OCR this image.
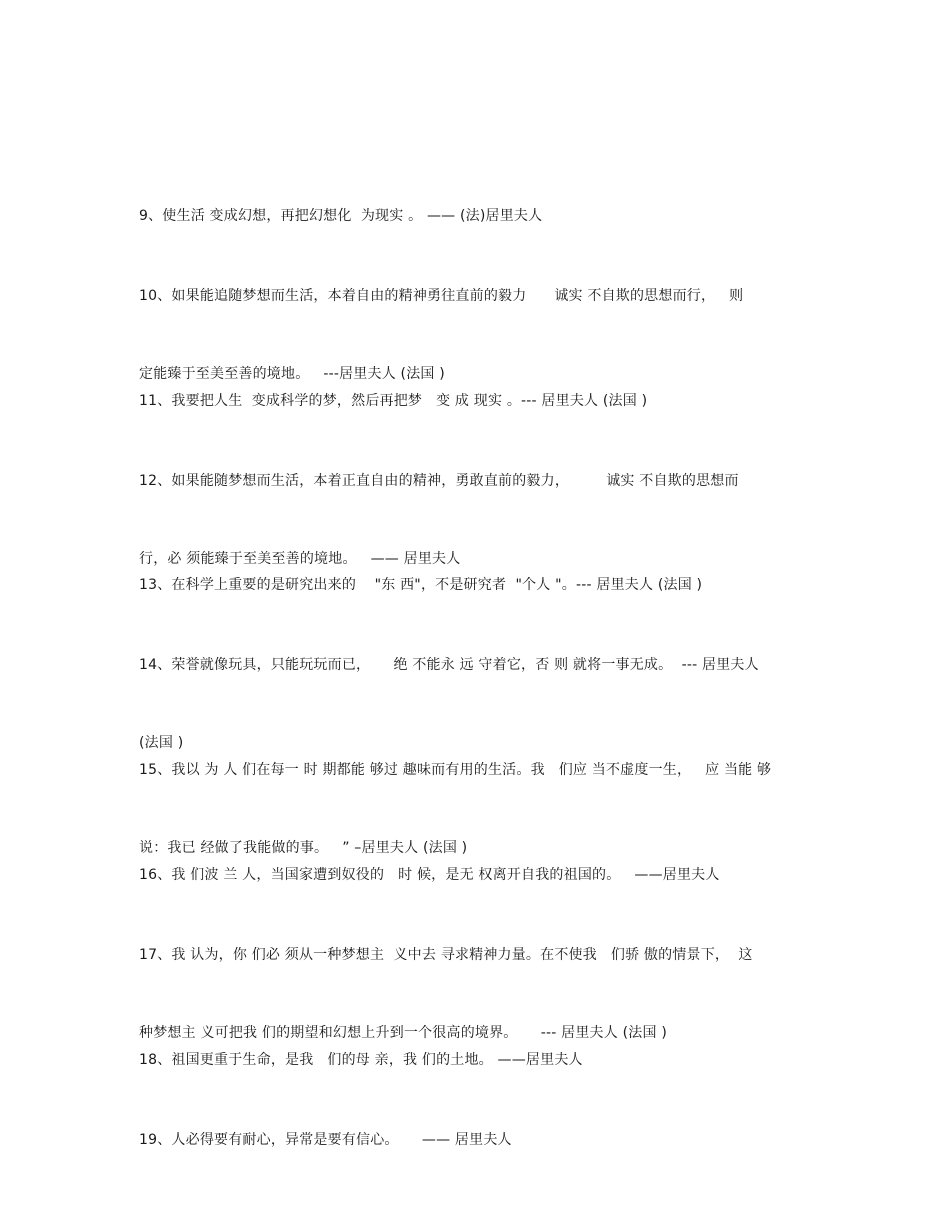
9、使生活 变成幻想，再把幻想化  为现实 。 —— (法)居里夫人

10、如果能追随梦想而生活，本着自由的精神勇往直前的毅力      诚实 不自欺的思想而行，   则

定能臻于至美至善的境地。   ---居里夫人 (法国 )

11、我要把人生  变成科学的梦，然后再把梦   变 成 现实 。--- 居里夫人 (法国 )

12、如果能随梦想而生活，本着正直自由的精神，勇敢直前的毅力，        诚实 不自欺的思想而

行，必 须能臻于至美至善的境地。   —— 居里夫人

13、在科学上重要的是研究出来的    "东 西"，不是研究者  "个人 "。--- 居里夫人 (法国 )

14、荣誉就像玩具，只能玩玩而已，     绝 不能永 远 守着它，否 则 就将一事无成。  --- 居里夫人

(法国 )

15、我以 为 人 们在每一 时 期都能 够过 趣味而有用的生活。我   们应 当不虚度一生，   应 当能 够

说：我已 经做了我能做的事。   ” –居里夫人 (法国 )

16、我 们波 兰 人，当国家遭到奴役的   时 候，是无 权离开自我的祖国的。   ——居里夫人

17、我 认为，你 们必 须从一种梦想主  义中去 寻求精神力量。在不使我   们骄 傲的情景下，  这

种梦想主 义可把我 们的期望和幻想上升到一个很高的境界。     --- 居里夫人 (法国 )

18、祖国更重于生命，是我   们的母 亲，我 们的土地。 ——居里夫人

19、人必得要有耐心，异常是要有信心。     —— 居里夫人
